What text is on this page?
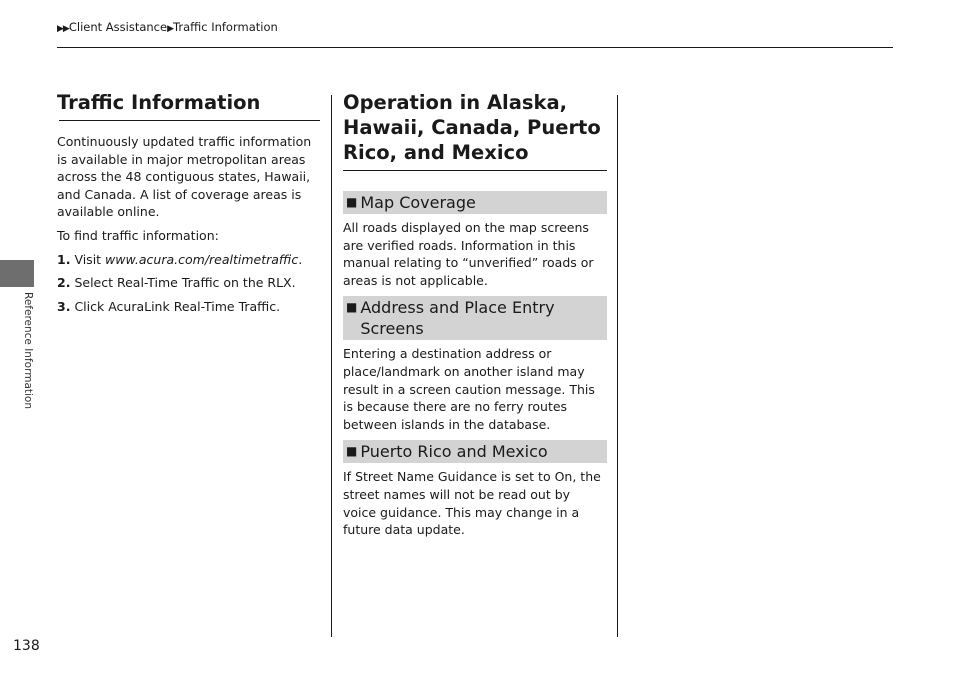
▶▶Client Assistance▶Traffic Information
Reference Information
Traffic Information

Continuously updated traffic information is available in major metropolitan areas across the 48 contiguous states, Hawaii, and Canada. A list of coverage areas is available online.

To find traffic information:

1. Visit www.acura.com/realtimetraffic.
2. Select Real-Time Traffic on the RLX.
3. Click AcuraLink Real-Time Traffic.
Operation in Alaska, Hawaii, Canada, Puerto Rico, and Mexico
■ Map Coverage

All roads displayed on the map screens are verified roads. Information in this manual relating to “unverified” roads or areas is not applicable.

■ Address and Place Entry Screens

Entering a destination address or place/landmark on another island may result in a screen caution message. This is because there are no ferry routes between islands in the database.

■ Puerto Rico and Mexico

If Street Name Guidance is set to On, the street names will not be read out by voice guidance. This may change in a future data update.

138
